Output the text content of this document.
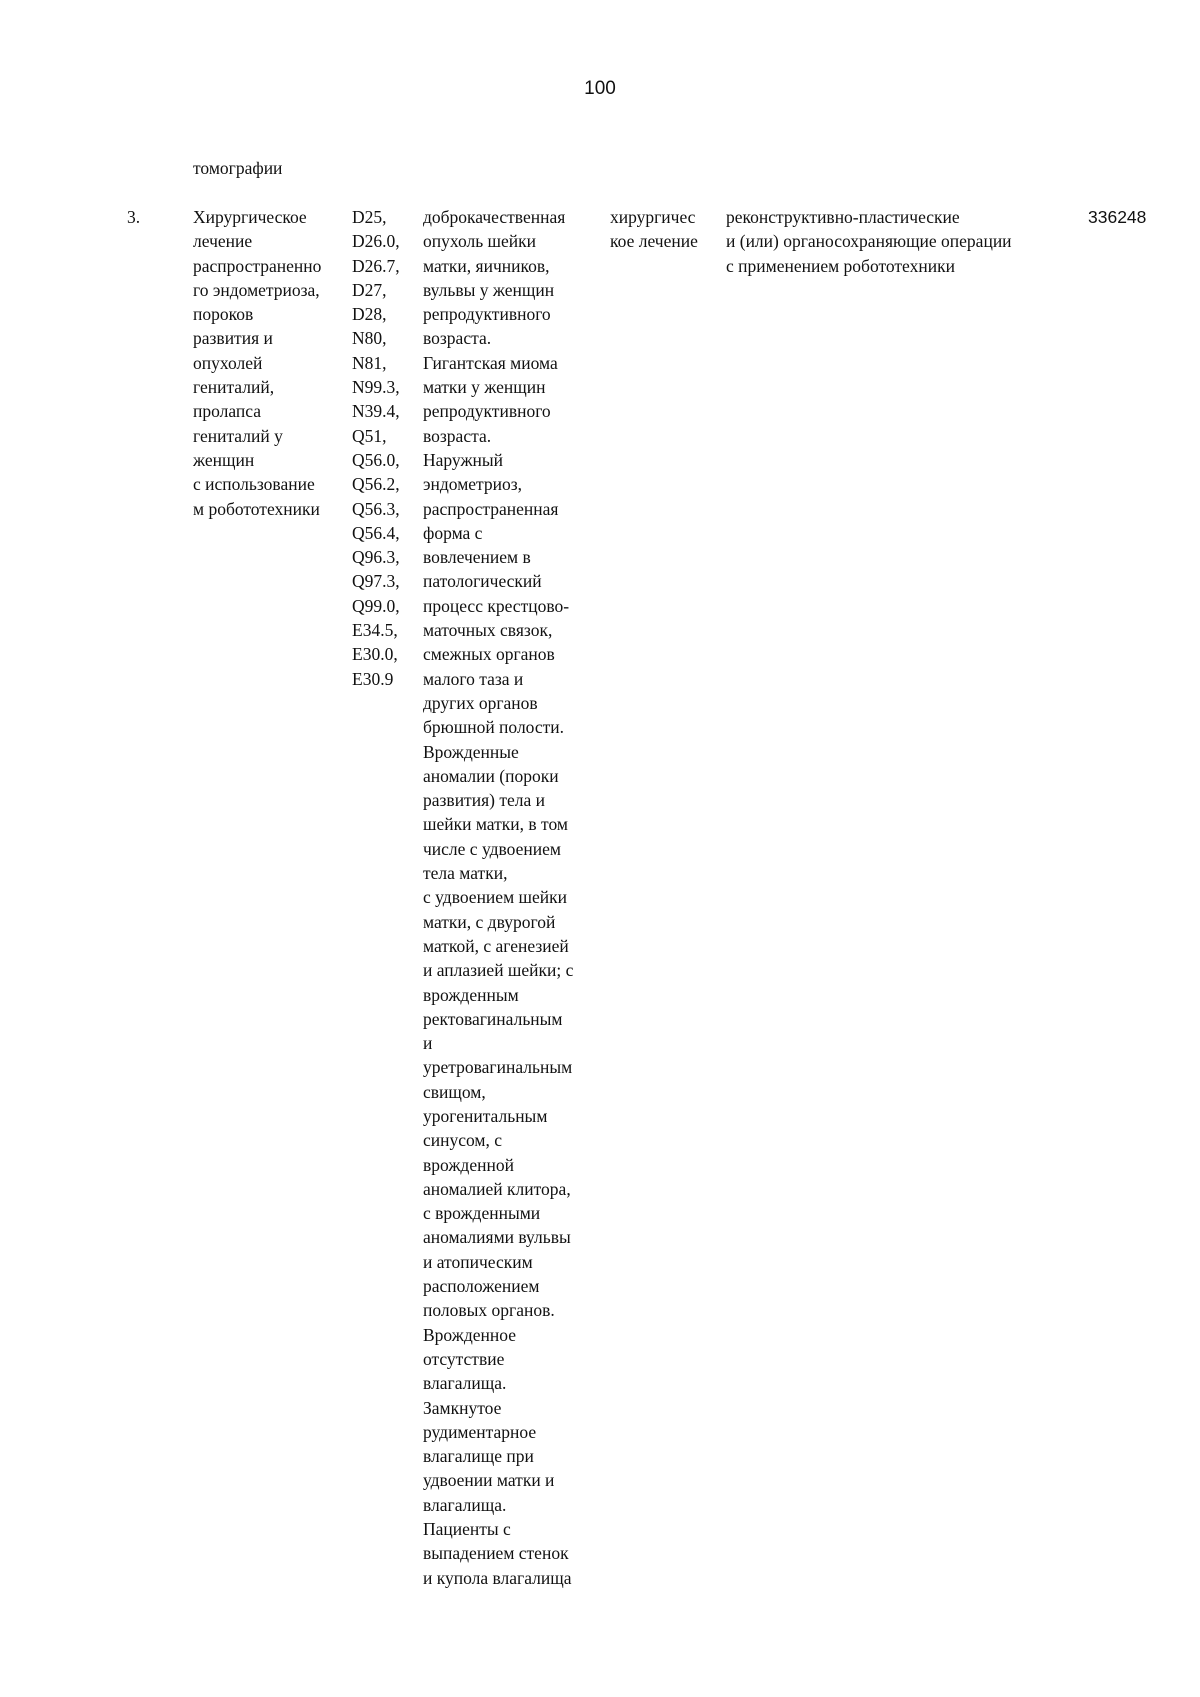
100
томографии
3.	Хирургическое
лечение
распространенно
го эндометриоза,
пороков
развития и
опухолей
гениталий,
пролапса
гениталий у
женщин
с использование
м робототехники
D25,
D26.0,
D26.7,
D27,
D28,
N80,
N81,
N99.3,
N39.4,
Q51,
Q56.0,
Q56.2,
Q56.3,
Q56.4,
Q96.3,
Q97.3,
Q99.0,
E34.5,
E30.0,
E30.9
доброкачественная
опухоль шейки
матки, яичников,
вульвы у женщин
репродуктивного
возраста.
Гигантская миома
матки у женщин
репродуктивного
возраста.
Наружный
эндометриоз,
распространенная
форма с
вовлечением в
патологический
процесс крестцово-
маточных связок,
смежных органов
малого таза и
других органов
брюшной полости.
Врожденные
аномалии (пороки
развития) тела и
шейки матки, в том
числе с удвоением
тела матки,
с удвоением шейки
матки, с двурогой
маткой, с агенезией
и аплазией шейки; с
врожденным
ректовагинальным
и
уретровагинальным
свищом,
урогенитальным
синусом, с
врожденной
аномалией клитора,
с врожденными
аномалиями вульвы
и атопическим
расположением
половых органов.
Врожденное
отсутствие
влагалища.
Замкнутое
рудиментарное
влагалище при
удвоении матки и
влагалища.
Пациенты с
выпадением стенок
и купола влагалища
хирургичес
кое лечение
реконструктивно-пластические
и (или) органосохраняющие операции
с применением робототехники
336248
